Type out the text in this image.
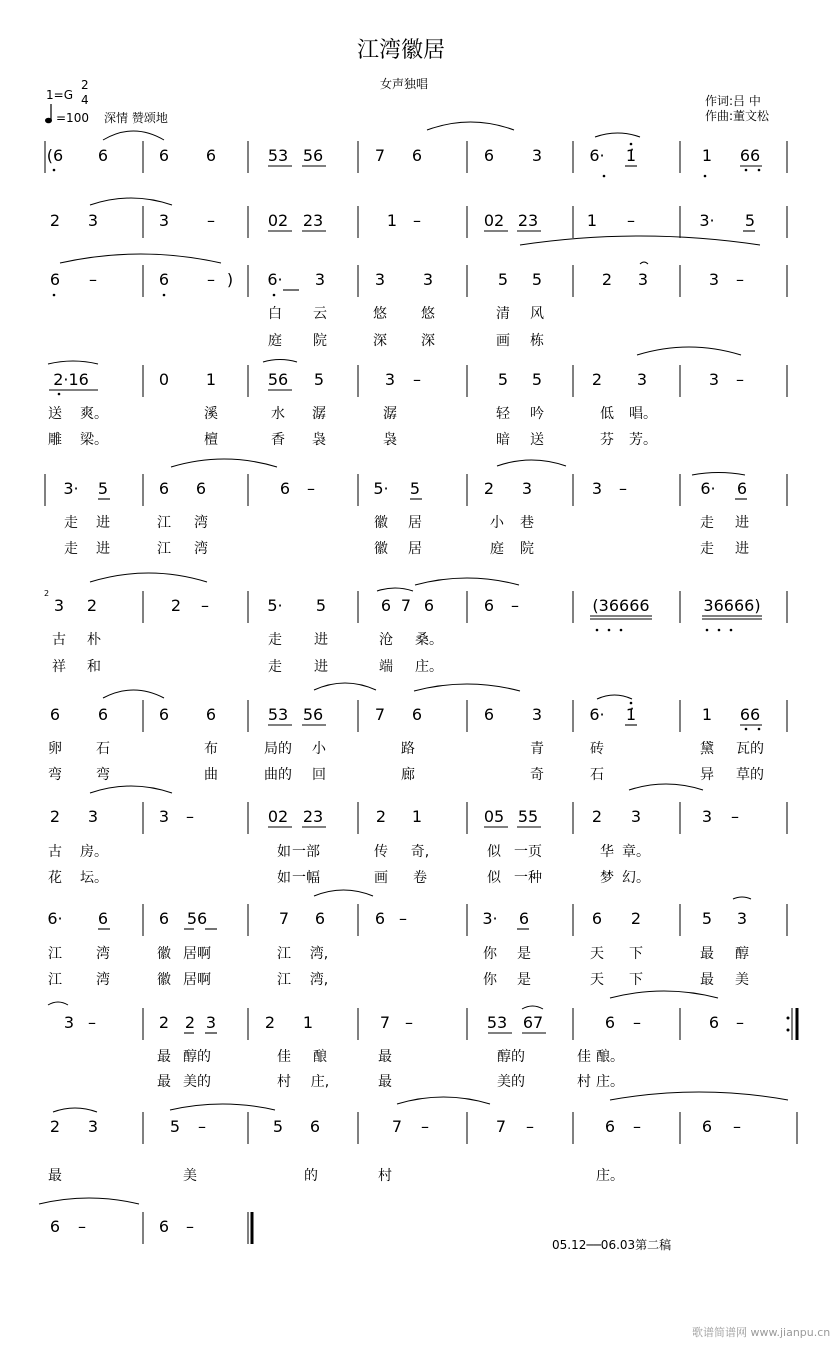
江湾徽居
女声独唱
1=G
2
4
=100 深情 赞颂地
作词:吕 中
作曲:董文松
2
(6 6	6 6	53 56	7 6	6 3	6·	1̇	1 66
2 3	3	–	02 23	1 –	02 23	1	–	3· 5
6	–	6	– )	6· 3	3 3	5 5	2 3	3	–
白 云	悠 悠	清 风
庭 院	深 深	画 栋
2·16	0 1	56 5	3	–	5 5	2 3	3	–
送 爽。	溪	水 潺	潺	轻 吟	低 唱。
雕 梁。	檀	香 袅	袅	暗 送	芬 芳。
3· 5	6 6	6	–	5· 5	2 3	3	–	6· 6
走 进	江 湾	徽 居	小 巷	走 进
走 进	江 湾	徽 居	庭 院	走 进
3 2	2	–	5· 5	6 7 6	6	–	(36666	36666)
古 朴	走 进	沧 桑。
祥 和	走 进	端 庄。
6 6	6 6	53 56	7 6	6 3	6·	1̇	1 66
卵 石	布	局的 小	路	青	砖	黛 瓦的
弯 弯	曲	曲的 回	廊	奇	石	异 草的
2 3	3	–	02 23	2 1	05 55	2 3	3	–
古 房。	如 一部	传	奇,	似 一页	华 章。
花 坛。	如 一幅	画 卷	似 一种	梦 幻。
6· 6	6 56	7 6	6 –	3· 6	6 2	5 3
江 湾	徽 居啊	江	湾,	你 是	天 下	最 醇
江 湾	徽 居啊	江	湾,	你 是	天 下	最 美
3 –	2 2 3	2 1	7 –	53 67	6	–	6	–
最 醇的	佳 酿	最	醇的	佳 酿。
最 美的	村	庄,	最	美的	村 庄。
2 3	5	–	5 6	7	–	7	–	6	–	6	–
最	美	的	村	庄。
6	–	6	–
05.12──06.03第二稿
歌谱简谱网 www.jianpu.cn
